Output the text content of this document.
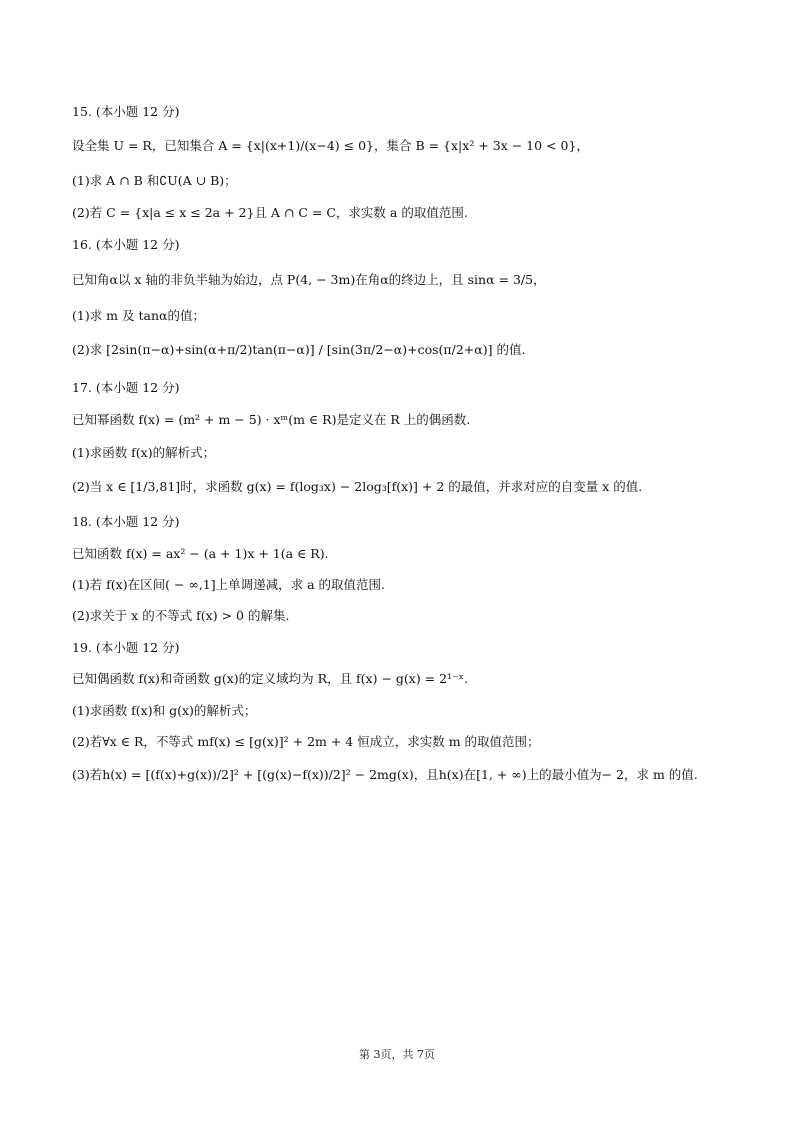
15. (本小题 12 分)
设全集 U = R，已知集合 A = {x|(x+1)/(x−4) ≤ 0}，集合 B = {x|x² + 3x − 10 < 0}，
(1)求 A ∩ B 和∁U(A ∪ B)；
(2)若 C = {x|a ≤ x ≤ 2a + 2}且 A ∩ C = C，求实数 a 的取值范围.
16. (本小题 12 分)
已知角α以 x 轴的非负半轴为始边，点 P(4, − 3m)在角α的终边上，且 sinα = 3/5，
(1)求 m 及 tanα的值；
(2)求 [2sin(π−α)+sin(α+π/2)tan(π−α)] / [sin(3π/2−α)+cos(π/2+α)] 的值.
17. (本小题 12 分)
已知幂函数 f(x) = (m² + m − 5) · xᵐ(m ∈ R)是定义在 R 上的偶函数.
(1)求函数 f(x)的解析式；
(2)当 x ∈ [1/3,81]时，求函数 g(x) = f(log₃x) − 2log₃[f(x)] + 2 的最值，并求对应的自变量 x 的值.
18. (本小题 12 分)
已知函数 f(x) = ax² − (a + 1)x + 1(a ∈ R).
(1)若 f(x)在区间( − ∞,1]上单调递减，求 a 的取值范围.
(2)求关于 x 的不等式 f(x) > 0 的解集.
19. (本小题 12 分)
已知偶函数 f(x)和奇函数 g(x)的定义域均为 R，且 f(x) − g(x) = 2¹⁻ˣ.
(1)求函数 f(x)和 g(x)的解析式；
(2)若∀x ∈ R，不等式 mf(x) ≤ [g(x)]² + 2m + 4 恒成立，求实数 m 的取值范围；
(3)若h(x) = [(f(x)+g(x))/2]² + [(g(x)−f(x))/2]² − 2mg(x)，且h(x)在[1, + ∞)上的最小值为− 2，求 m 的值.
第 3页，共 7页
